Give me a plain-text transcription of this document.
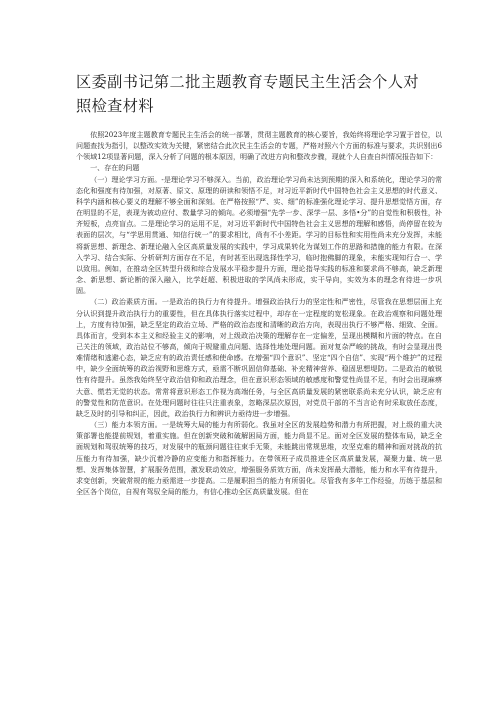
区委副书记第二批主题教育专题民主生活会个人对
照检查材料

依照2023年度主题教育专题民主生活会的统一部署，贯彻主题教育的核心要旨，我始终将理论学习置于首位，以问题查找为指引，以整改实效为关键，紧密结合此次民主生活会的专题，严格对照六个方面的标准与要求，共识别出6个领域12项显著问题，深入分析了问题的根本原因，明确了改进方向和整改步骤，现就个人自查自纠情况报告如下：

一、存在的问题

（一）理论学习方面。-是理论学习不够深入。当前，政治理论学习尚未达到预期的深入和系统化，理论学习的常态化和强度有待加强，对原著、原文、原理的研读和领悟不足，对习近平新时代中国特色社会主义思想的时代意义、科学内涵和核心要义的理解不够全面和深刻。在严格按照“严、实、细”的标准强化理论学习、提升思想觉悟方面，存在明显的不足，表现为被动应付、数量学习的倾向。必须增强“先学一步、深学一层、多悟•分”的自觉性和积极性，补齐短板，点亮盲点。二是理论学习的运用不足，对习近平新时代中国特色社会主义思想的理解和感悟，尚停留在较为表面的层次，与“学思用贯通、知信行统一”的要求相比，尚有不小差距。学习的目标性和实用性尚未充分发挥，未能将新思想、新理念、新理论融入全区高质量发展的实践中，学习成果转化为谋划工作的思路和措施的能力有限。在深入学习、结合实际、分析研判方面存在不足，有时甚至出现选择性学习，临时抱佛脚的现象，未能实现知行合一、学以致用。例如，在推动全区转型升级和综合发展水平稳步提升方面，理论指导实践的标准和要求尚不够高，缺乏新理念、新思想、新论断的深入融入，比学赶超、积极进取的学风尚未形成，实干导向，实效为本的理念有待进一步巩固。

（二）政治素质方面。一是政治的执行力有待提升。增强政治执行力的坚定性和严密性，尽管我在思想层面上充分认识到提升政治执行力的重要性，但在具体执行落实过程中，却存在一定程度的宽松现象。在政治观察和问题处理上，方度有待加强，缺乏坚定的政治立场、严格的政治态度和清晰的政治方向，表现出执行不够严格、细致、全面。具体而言，受到本本主义和经验主义的影响，对上级政治决策的理解存在一定偏差，呈现出模糊和片面的特点。在自己关注的领域，政治站位不够高，倾向于规避重点问题、选择性地处理问题。面对复杂严峻的挑战，有时会显现出畏难情绪和逃避心态，缺乏应有的政治责任感和使命感。在增强“四个意识”、坚定“四个自信”、实现“两个维护”的过程中，缺少全面统筹的政治视野和思维方式，亟需不断巩固信仰基础、补充精神营养、稳固思想堤防。二是政治的敏锐性有待提升。虽然我始终坚守政治信仰和政治理念，但在意识形态领域的敏感度和警觉性尚显不足，有时会出现麻痹大意、慌若无觉的状态。常常将意识形态工作视为高端任务，与全区高质量发展的紧密联系尚未充分认识，缺乏应有的警觉性和防范意识。在处理问题时往往只注重表象，忽略深层次原因，对党员干部的不当言论有时采取放任态度，缺乏及时的引导和纠正，因此，政治执行力和辨识力亟待进一步增强。

（三）能力本领方面。一是统筹大局的能力有所弱化。我虽对全区的发展趋势和潜力有所把握，对上级的重大决策部署也能提前规划，着重实施。但在创新突破和破解困局方面，能力尚显不足。面对全区发展的整体布局，缺乏全面规划和驾驭统筹的技巧，对发展中的瓶颈问题往往束手无策，未能跳出常规思维，攻坚克难的精神和面对挑战的抗压能力有待加强，缺少沉着冷静的应变能力和指挥能力。在带领班子成员推进全区高质量发展，凝聚力量、统一思想、发挥集体智慧，扩展服务范围，激发联动效应，增强服务质效方面，尚未发挥最大潜能，能力和水平有待提升，求变创新，突破常规的能力亟需进一步提高。二是履职担当的能力有所弱化。尽管我有多年工作经验，历练于基层和全区各个岗位，自视有驾驭全局的能力，有信心推动全区高质量发展。但在
